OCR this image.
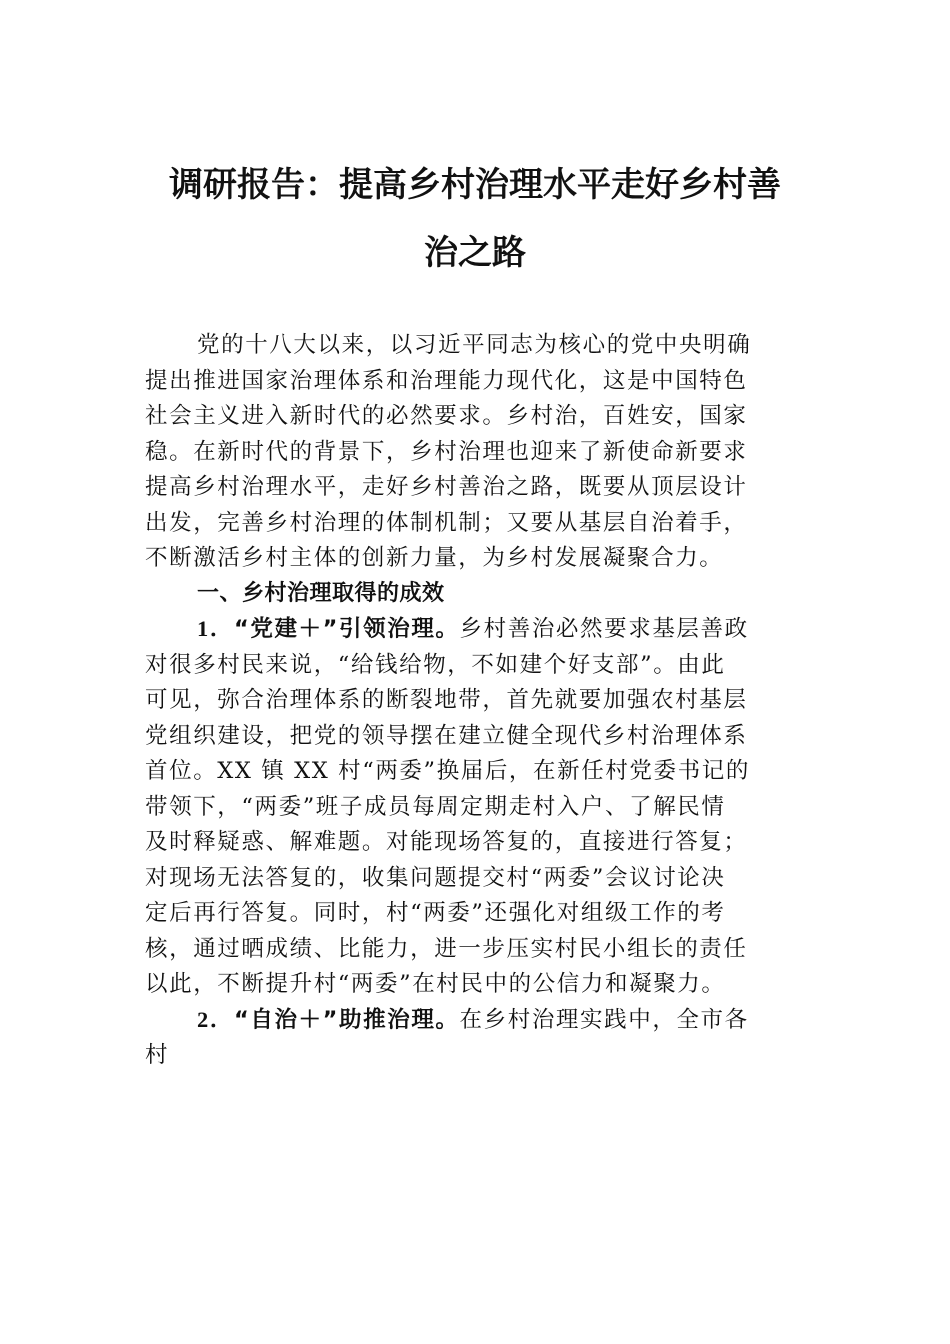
调研报告：提高乡村治理水平走好乡村善
治之路
党的十八大以来，以习近平同志为核心的党中央明确
提出推进国家治理体系和治理能力现代化，这是中国特色
社会主义进入新时代的必然要求。乡村治，百姓安，国家
稳。在新时代的背景下，乡村治理也迎来了新使命新要求
提高乡村治理水平，走好乡村善治之路，既要从顶层设计
出发，完善乡村治理的体制机制；又要从基层自治着手，
不断激活乡村主体的创新力量，为乡村发展凝聚合力。
一、乡村治理取得的成效
1．“党建＋”引领治理。乡村善治必然要求基层善政
对很多村民来说，“给钱给物，不如建个好支部”。由此
可见，弥合治理体系的断裂地带，首先就要加强农村基层
党组织建设，把党的领导摆在建立健全现代乡村治理体系
首位。XX 镇 XX 村“两委”换届后，在新任村党委书记的
带领下，“两委”班子成员每周定期走村入户、了解民情
及时释疑惑、解难题。对能现场答复的，直接进行答复；
对现场无法答复的，收集问题提交村“两委”会议讨论决
定后再行答复。同时，村“两委”还强化对组级工作的考
核，通过晒成绩、比能力，进一步压实村民小组长的责任
以此，不断提升村“两委”在村民中的公信力和凝聚力。
2．“自治＋”助推治理。在乡村治理实践中，全市各
村
